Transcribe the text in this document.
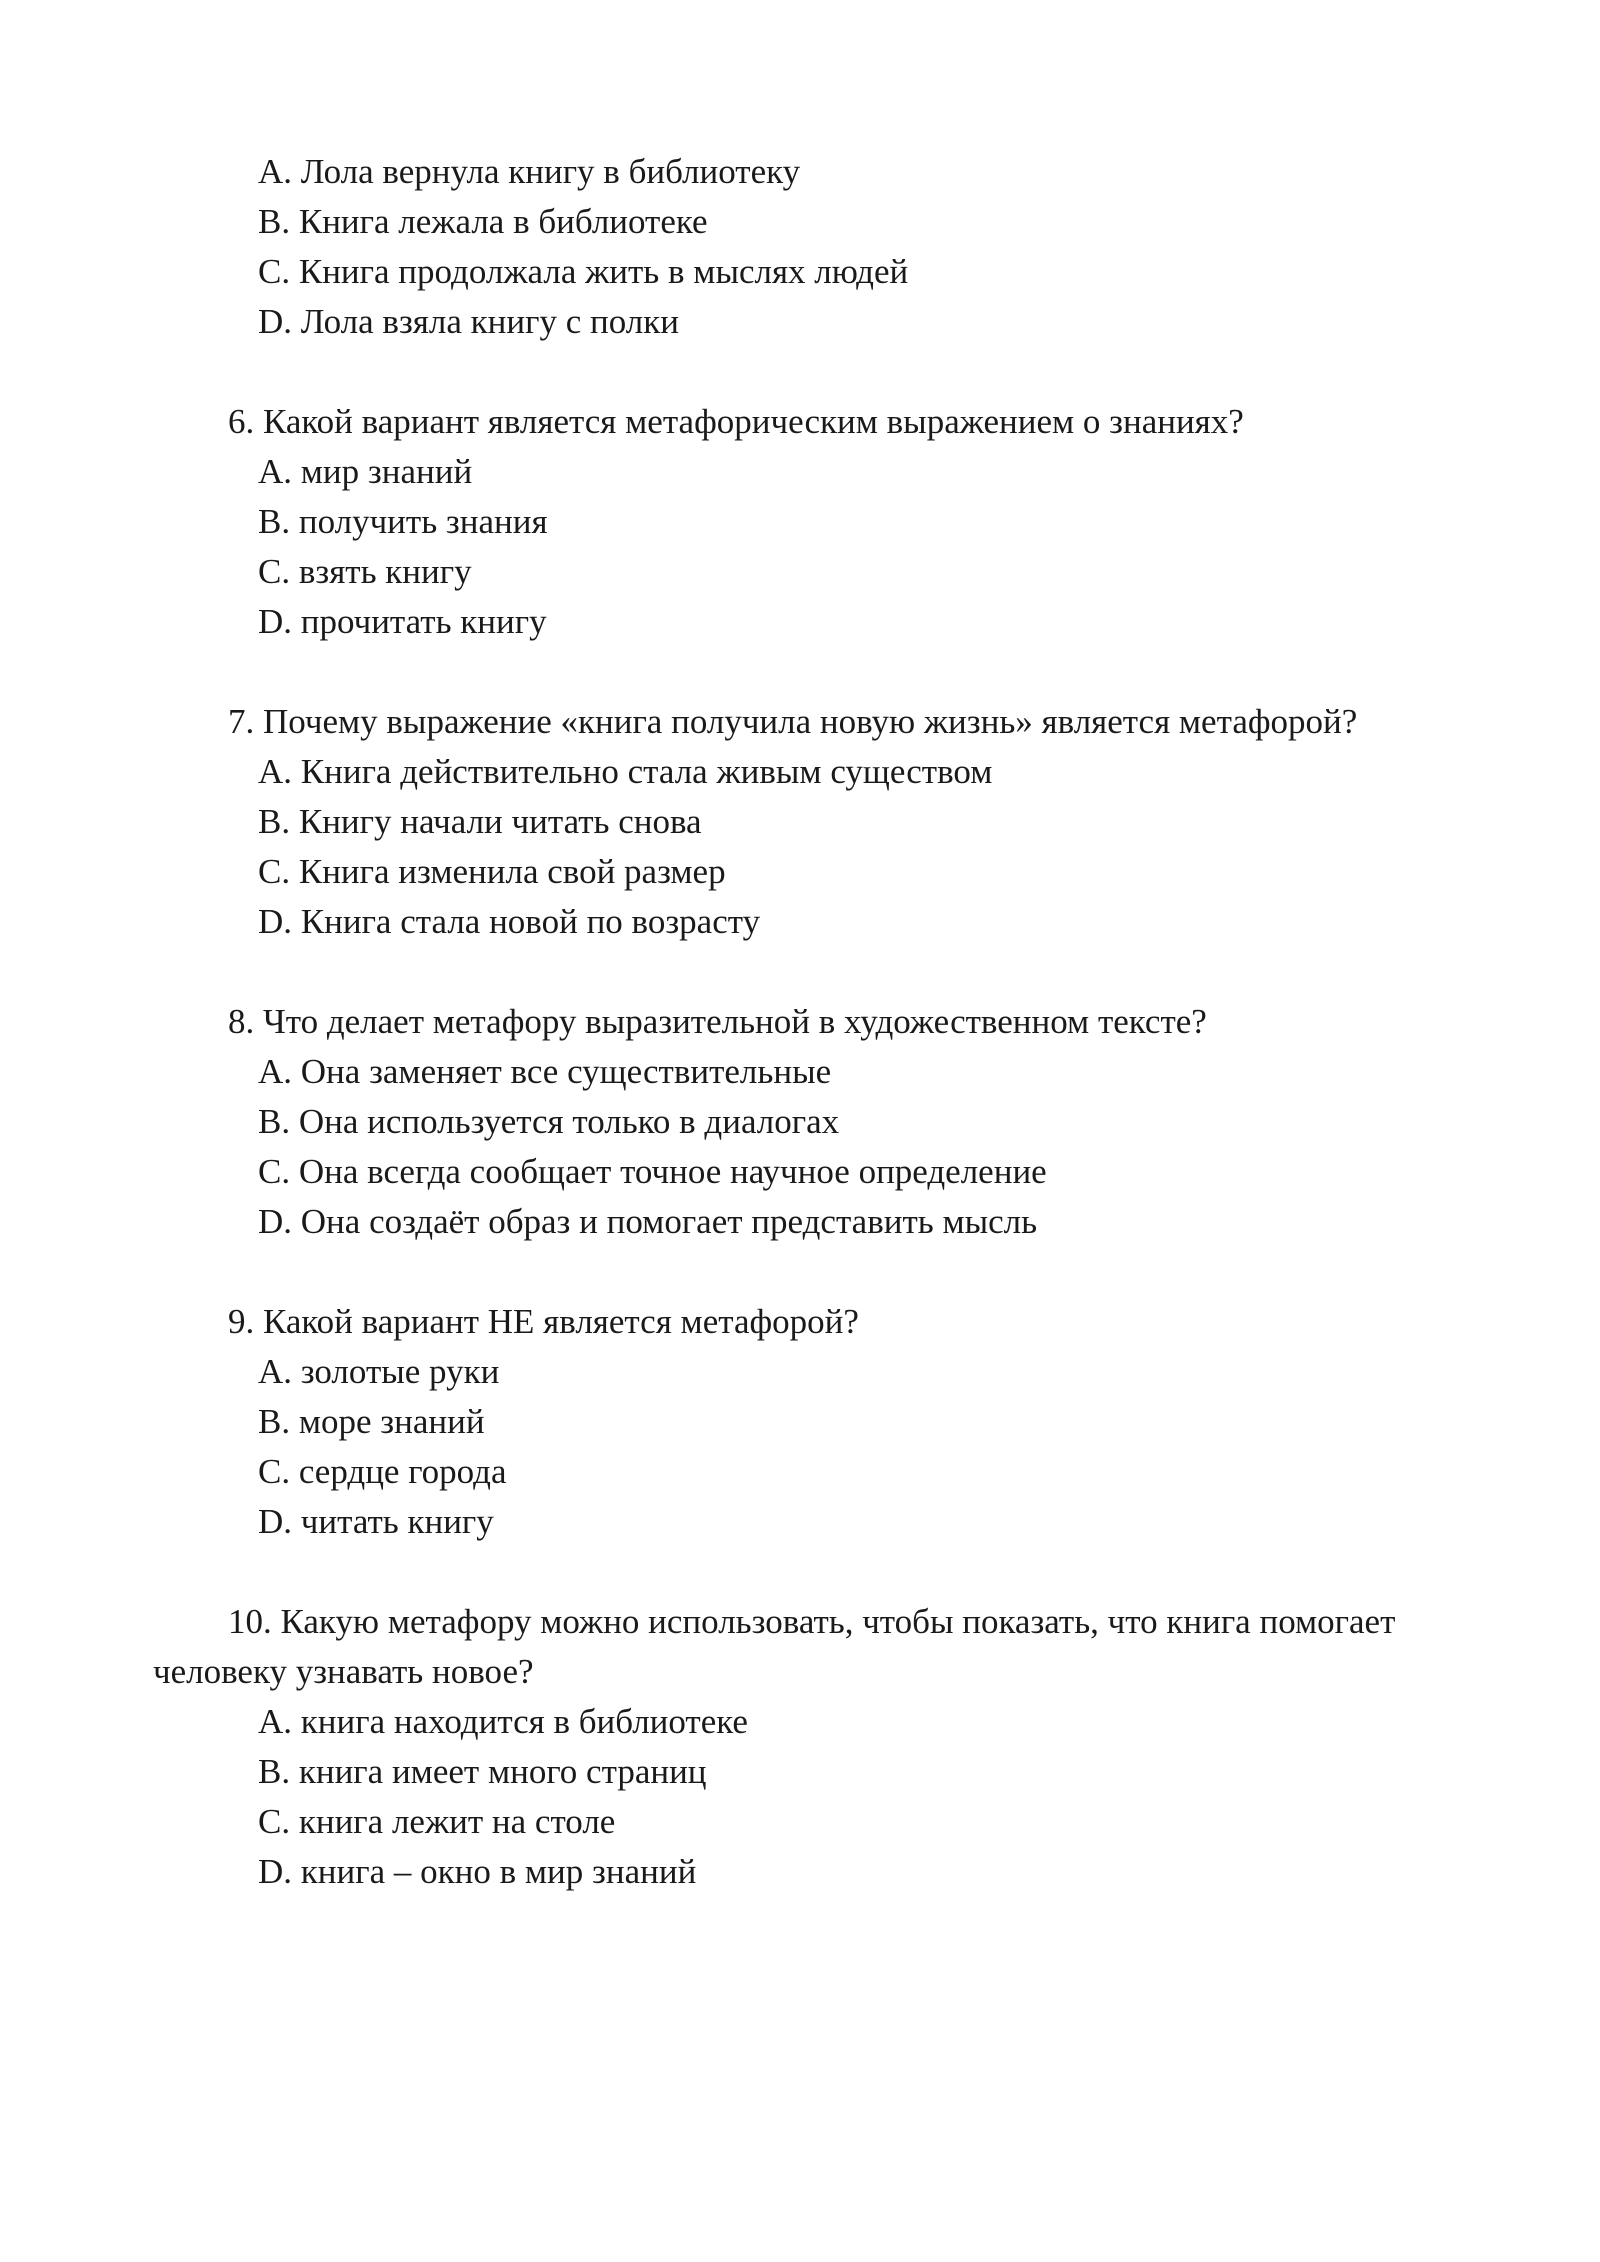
A. Лола вернула книгу в библиотеку
B. Книга лежала в библиотеке
C. Книга продолжала жить в мыслях людей
D. Лола взяла книгу с полки
6. Какой вариант является метафорическим выражением о знаниях?
A. мир знаний
B. получить знания
C. взять книгу
D. прочитать книгу
7. Почему выражение «книга получила новую жизнь» является метафорой?
A. Книга действительно стала живым существом
B. Книгу начали читать снова
C. Книга изменила свой размер
D. Книга стала новой по возрасту
8. Что делает метафору выразительной в художественном тексте?
A. Она заменяет все существительные
B. Она используется только в диалогах
C. Она всегда сообщает точное научное определение
D. Она создаёт образ и помогает представить мысль
9. Какой вариант НЕ является метафорой?
A. золотые руки
B. море знаний
C. сердце города
D. читать книгу
10. Какую метафору можно использовать, чтобы показать, что книга помогает
человеку узнавать новое?
A. книга находится в библиотеке
B. книга имеет много страниц
C. книга лежит на столе
D. книга – окно в мир знаний
